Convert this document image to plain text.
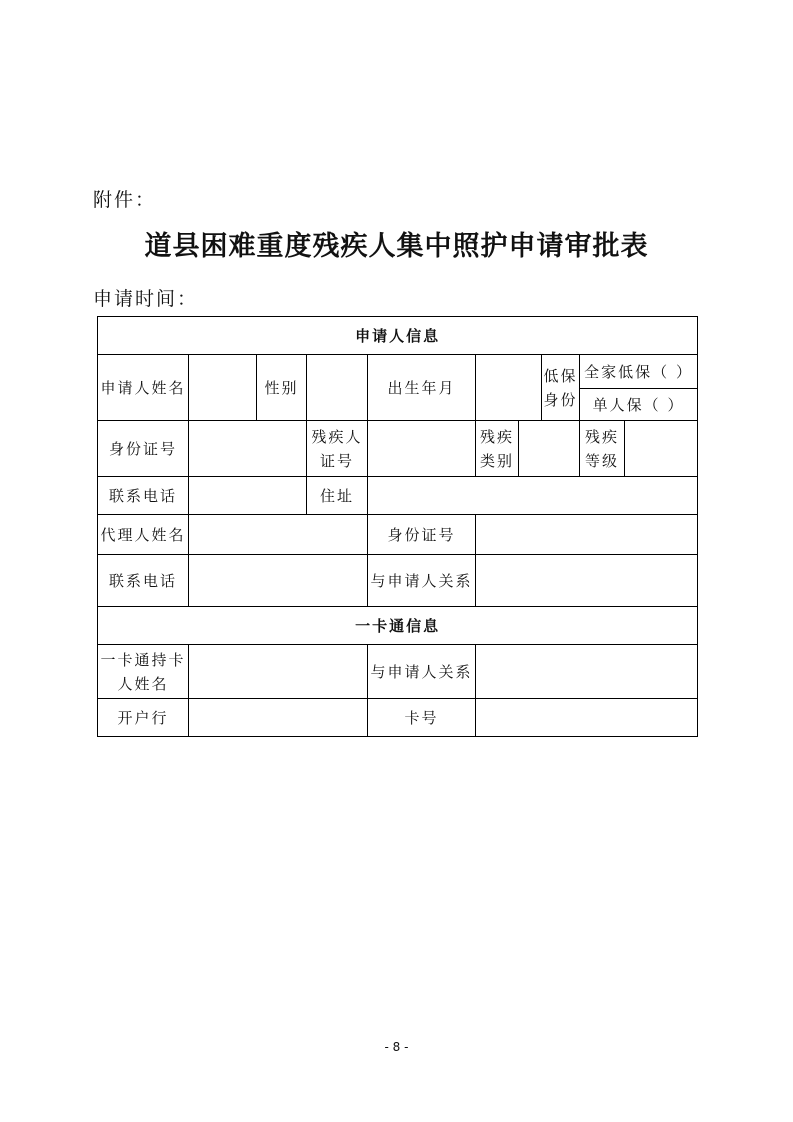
附件：
道县困难重度残疾人集中照护申请审批表
申请时间：
申请人信息									
申请人姓名		性别		出生年月			低保身份	全家低保（ ）	
								单人保（ ）	
身份证号			残疾人证号		残疾类别			残疾等级	
联系电话			住址						
代理人姓名				身份证号					
联系电话				与申请人关系					
一卡通信息									
一卡通持卡人姓名				与申请人关系					
开户行				卡号					
- 8 -
